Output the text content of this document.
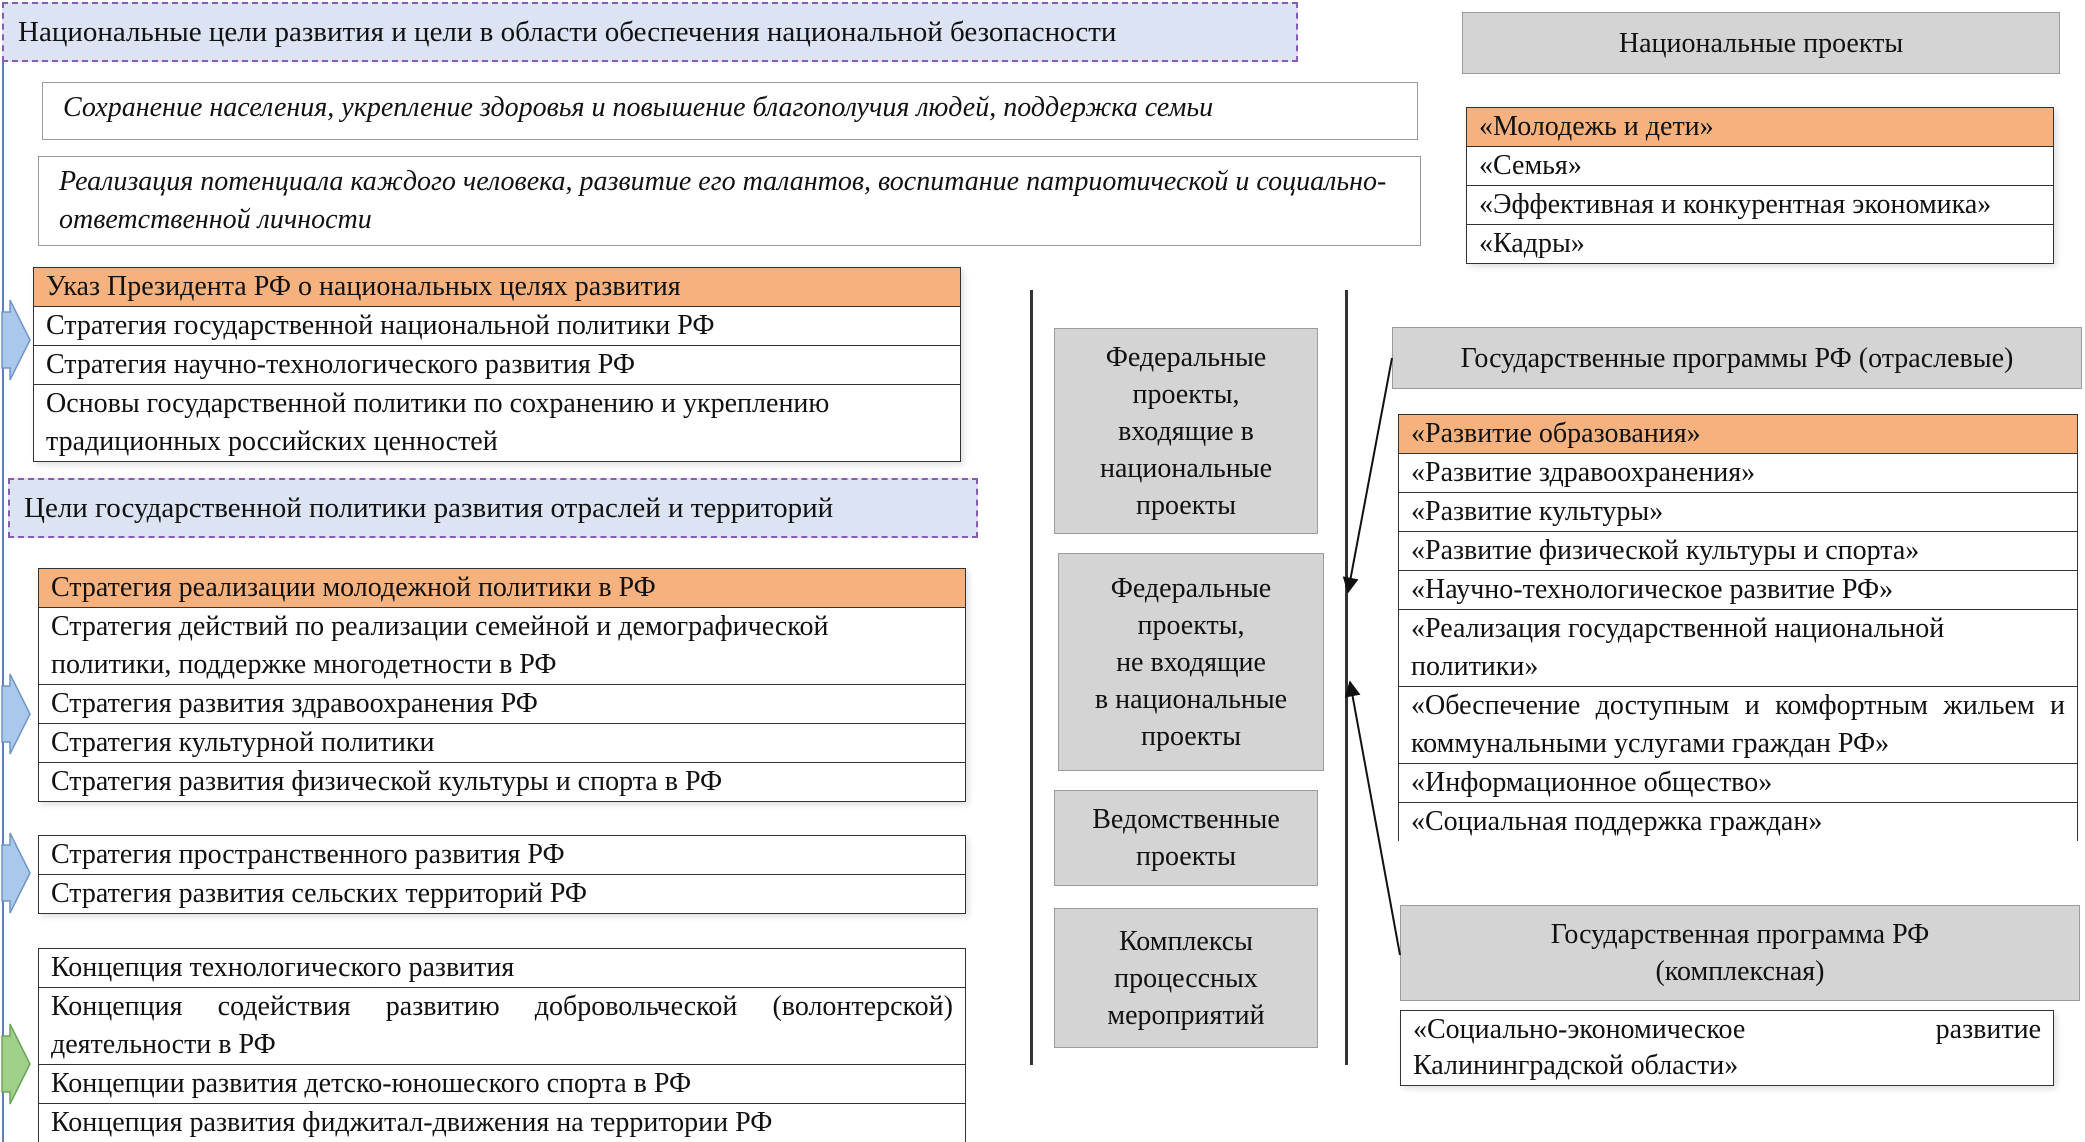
Национальные цели развития и цели в области обеспечения национальной безопасности
Сохранение населения, укрепление здоровья и повышение благополучия людей, поддержка семьи
Реализация потенциала каждого человека, развитие его талантов, воспитание патриотической и социально-ответственной личности
Указ Президента РФ о национальных целях развития
Стратегия государственной национальной политики РФ
Стратегия научно-технологического развития РФ
Основы государственной политики по сохранению и укреплению традиционных российских ценностей
Цели государственной политики развития отраслей и территорий
Стратегия реализации молодежной политики в РФ
Стратегия действий по реализации семейной и демографической политики, поддержке многодетности в РФ
Стратегия развития здравоохранения РФ
Стратегия культурной политики
Стратегия развития физической культуры и спорта в РФ
Стратегия пространственного развития РФ
Стратегия развития сельских территорий РФ
Концепция технологического развития
Концепция содействия развитию добровольческой (волонтерской) деятельности в РФ
Концепции развития детско-юношеского спорта в РФ
Концепция развития фиджитал-движения на территории РФ
Федеральные
проекты,
входящие в
национальные
проекты
Федеральные
проекты,
не входящие
в национальные
проекты
Ведомственные
проекты
Комплексы
процессных
мероприятий
Национальные проекты
«Молодежь и дети»
«Семья»
«Эффективная и конкурентная экономика»
«Кадры»
Государственные программы РФ (отраслевые)
«Развитие образования»
«Развитие здравоохранения»
«Развитие культуры»
«Развитие физической культуры и спорта»
«Научно-технологическое развитие РФ»
«Реализация государственной национальной политики»
«Обеспечение доступным и комфортным жильем и коммунальными услугами граждан РФ»
«Информационное общество»
«Социальная поддержка граждан»
Государственная программа РФ
(комплексная)
«Социально-экономическое развитие Калининградской области»
